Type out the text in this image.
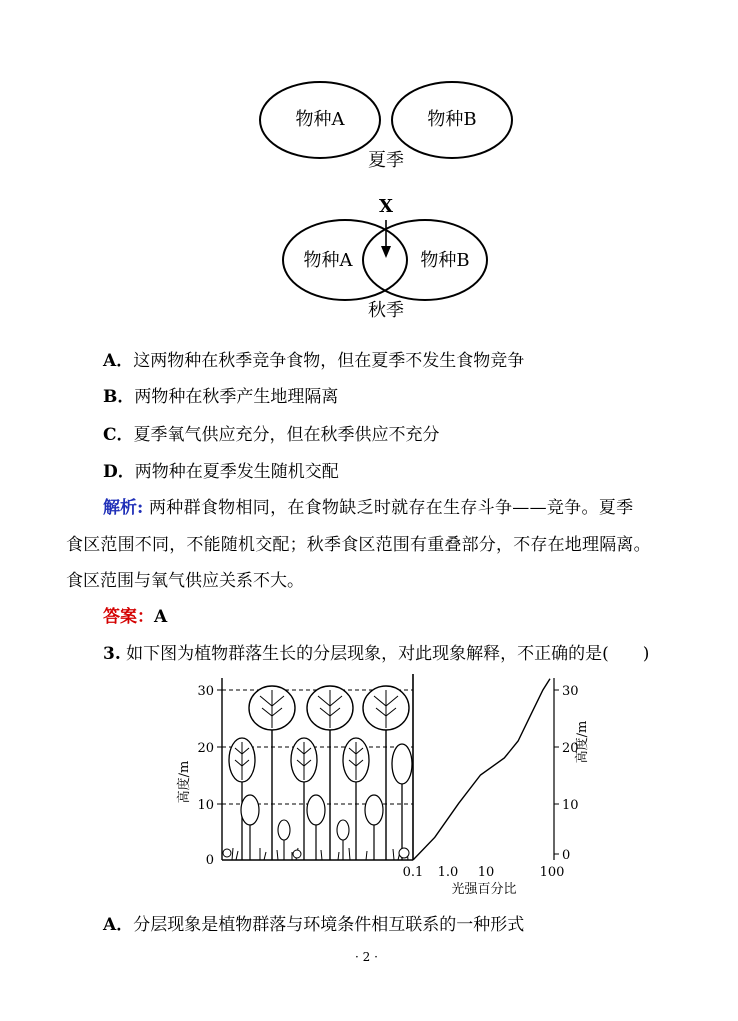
物种A	物种B
夏季
X
物种A	物种B
秋季
A．这两物种在秋季竞争食物，但在夏季不发生食物竞争
B．两物种在秋季产生地理隔离
C．夏季氧气供应充分，但在秋季供应不充分
D．两物种在夏季发生随机交配
解析: 两种群食物相同，在食物缺乏时就存在生存斗争——竞争。夏季
食区范围不同，不能随机交配；秋季食区范围有重叠部分，不存在地理隔离。
食区范围与氧气供应关系不大。
答案：A
3. 如下图为植物群落生长的分层现象，对此现象解释，不正确的是( )
30
20
10
0
高度/m
30
20
10
0
高度/m
0.1 1.0 10	100
光强百分比
A．分层现象是植物群落与环境条件相互联系的一种形式
· 2 ·
